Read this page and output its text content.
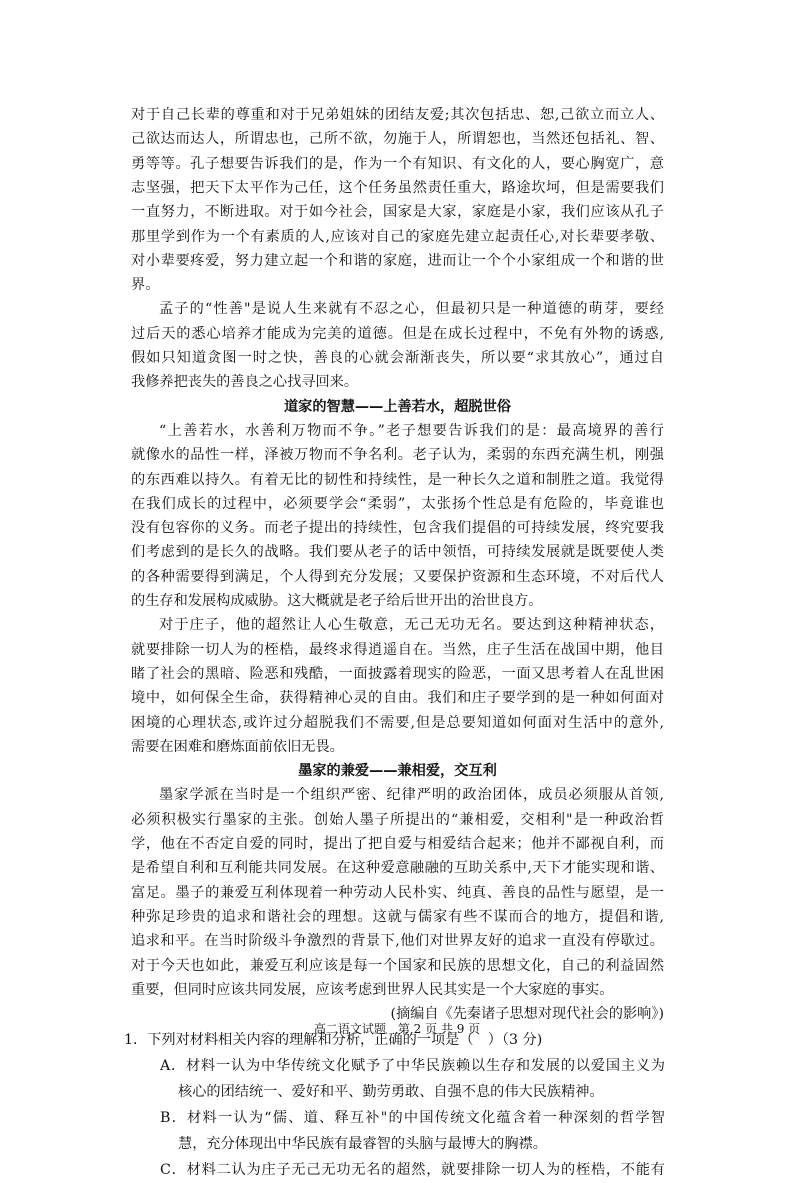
对于自己长辈的尊重和对于兄弟姐妹的团结友爱;其次包括忠、恕,己欲立而立人、
己欲达而达人，所谓忠也，己所不欲，勿施于人，所谓恕也，当然还包括礼、智、
勇等等。孔子想要告诉我们的是，作为一个有知识、有文化的人，要心胸宽广，意
志坚强，把天下太平作为己任，这个任务虽然责任重大，路途坎坷，但是需要我们
一直努力，不断进取。对于如今社会，国家是大家，家庭是小家，我们应该从孔子
那里学到作为一个有素质的人,应该对自己的家庭先建立起责任心,对长辈要孝敬、
对小辈要疼爱，努力建立起一个和谐的家庭，进而让一个个小家组成一个和谐的世
界。
孟子的“性善"是说人生来就有不忍之心，但最初只是一种道德的萌芽，要经
过后天的悉心培养才能成为完美的道德。但是在成长过程中，不免有外物的诱惑,
假如只知道贪图一时之快，善良的心就会渐渐丧失，所以要“求其放心”，通过自
我修养把丧失的善良之心找寻回来。
道家的智慧——上善若水，超脱世俗
“上善若水，水善利万物而不争。”老子想要告诉我们的是：最高境界的善行
就像水的品性一样，泽被万物而不争名利。老子认为，柔弱的东西充满生机，刚强
的东西难以持久。有着无比的韧性和持续性，是一种长久之道和制胜之道。我觉得
在我们成长的过程中，必须要学会“柔弱”，太张扬个性总是有危险的，毕竟谁也
没有包容你的义务。而老子提出的持续性，包含我们提倡的可持续发展，终究要我
们考虑到的是长久的战略。我们要从老子的话中领悟，可持续发展就是既要使人类
的各种需要得到满足，个人得到充分发展；又要保护资源和生态环境，不对后代人
的生存和发展构成威胁。这大概就是老子给后世开出的治世良方。
对于庄子，他的超然让人心生敬意，无己无功无名。要达到这种精神状态，
就要排除一切人为的桎梏，最终求得逍遥自在。当然，庄子生活在战国中期，他目
睹了社会的黑暗、险恶和残酷，一面披露着现实的险恶，一面又思考着人在乱世困
境中，如何保全生命，获得精神心灵的自由。我们和庄子要学到的是一种如何面对
困境的心理状态,或许过分超脱我们不需要,但是总要知道如何面对生活中的意外,
需要在困难和磨炼面前依旧无畏。
墨家的兼爱——兼相爱，交互利
墨家学派在当时是一个组织严密、纪律严明的政治团体，成员必须服从首领,
必须积极实行墨家的主张。创始人墨子所提出的“兼相爱，交相利"是一种政治哲
学，他在不否定自爱的同时，提出了把自爱与相爱结合起来；他并不鄙视自利，而
是希望自利和互利能共同发展。在这种爱意融融的互助关系中,天下才能实现和谐、
富足。墨子的兼爱互利体现着一种劳动人民朴实、纯真、善良的品性与愿望，是一
种弥足珍贵的追求和谐社会的理想。这就与儒家有些不谋而合的地方，提倡和谐,
追求和平。在当时阶级斗争激烈的背景下,他们对世界友好的追求一直没有停歇过。
对于今天也如此，兼爱互利应该是每一个国家和民族的思想文化，自己的利益固然
重要，但同时应该共同发展，应该考虑到世界人民其实是一个大家庭的事实。
(摘编自《先秦诸子思想对现代社会的影响》)
1．下列对材料相关内容的理解和分析，正确的一项是（　）（3 分)
A．材料一认为中华传统文化赋予了中华民族赖以生存和发展的以爱国主义为
核心的团结统一、爱好和平、勤劳勇敢、自强不息的伟大民族精神。
B．材料一认为“儒、道、释互补"的中国传统文化蕴含着一种深刻的哲学智
慧，充分体现出中华民族有最睿智的头脑与最博大的胸襟。
C．材料二认为庄子无己无功无名的超然，就要排除一切人为的桎梏，不能有
高二语文试题　第 2 页 共 9 页
